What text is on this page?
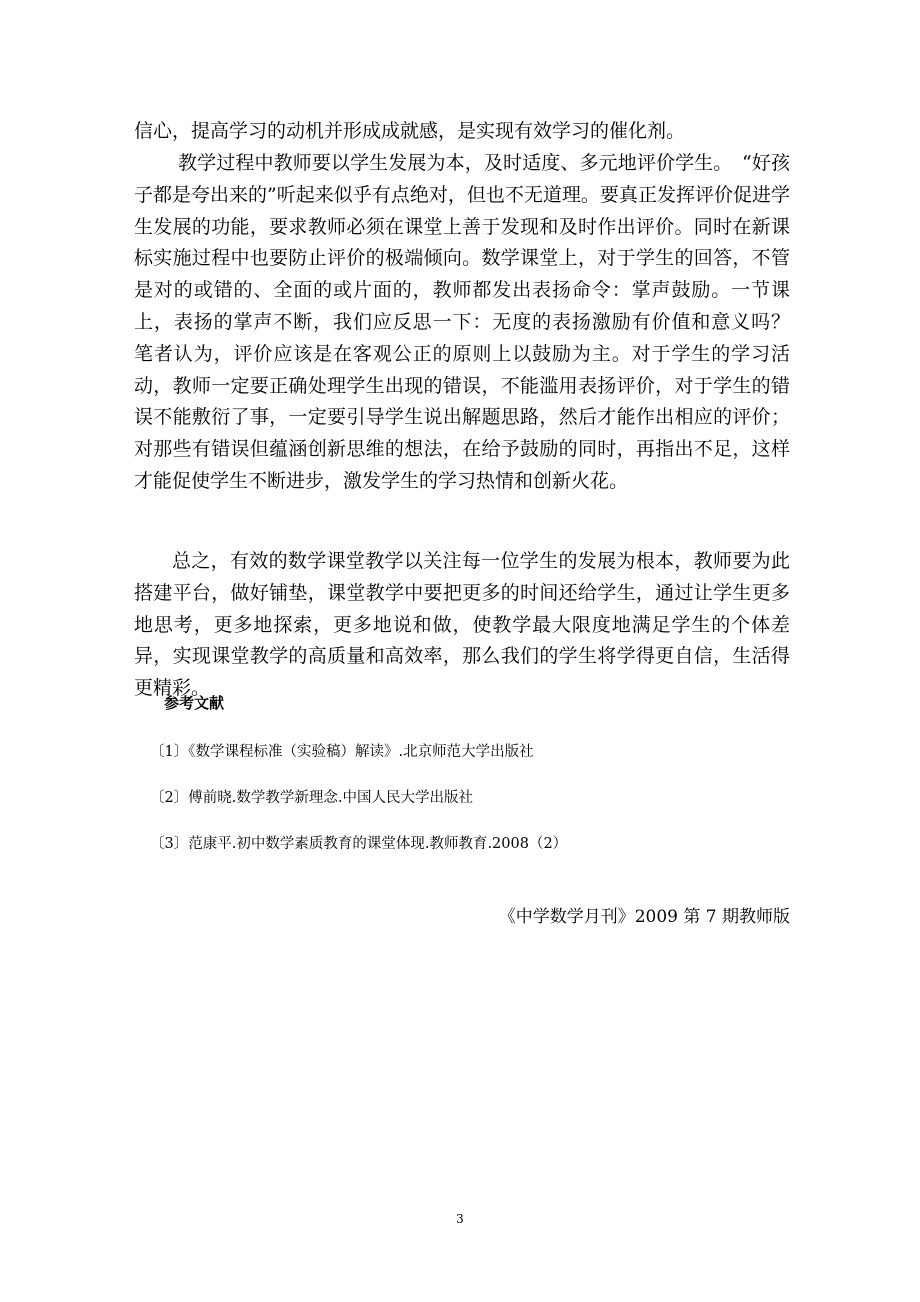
信心，提高学习的动机并形成成就感，是实现有效学习的催化剂。

教学过程中教师要以学生发展为本，及时适度、多元地评价学生。　“好孩子都是夸出来的”听起来似乎有点绝对，但也不无道理。要真正发挥评价促进学生发展的功能，要求教师必须在课堂上善于发现和及时作出评价。同时在新课标实施过程中也要防止评价的极端倾向。数学课堂上，对于学生的回答，不管是对的或错的、全面的或片面的，教师都发出表扬命令：掌声鼓励。一节课上，表扬的掌声不断，我们应反思一下：无度的表扬激励有价值和意义吗？　笔者认为，评价应该是在客观公正的原则上以鼓励为主。对于学生的学习活动，教师一定要正确处理学生出现的错误，不能滥用表扬评价，对于学生的错误不能敷衍了事，一定要引导学生说出解题思路，然后才能作出相应的评价；对那些有错误但蕴涵创新思维的想法，在给予鼓励的同时，再指出不足，这样才能促使学生不断进步，激发学生的学习热情和创新火花。

总之，有效的数学课堂教学以关注每一位学生的发展为根本，教师要为此搭建平台，做好铺垫，课堂教学中要把更多的时间还给学生，通过让学生更多地思考，更多地探索，更多地说和做，使教学最大限度地满足学生的个体差异，实现课堂教学的高质量和高效率，那么我们的学生将学得更自信，生活得更精彩。

参考文献

〔1〕《数学课程标准（实验稿）解读》.北京师范大学出版社

〔2〕傅前晓.数学教学新理念.中国人民大学出版社

〔3〕范康平.初中数学素质教育的课堂体现.教师教育.2008（2）

《中学数学月刊》2009 第 7 期教师版

3
